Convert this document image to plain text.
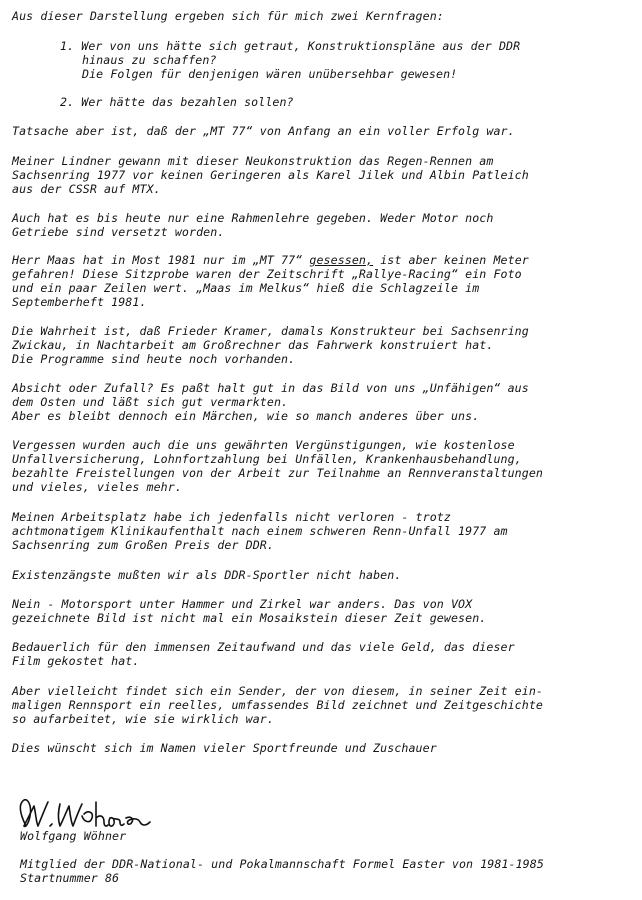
Aus dieser Darstellung ergeben sich für mich zwei Kernfragen:
1. Wer von uns hätte sich getraut, Konstruktionspläne aus der DDR
hinaus zu schaffen?
Die Folgen für denjenigen wären unübersehbar gewesen!
2. Wer hätte das bezahlen sollen?
Tatsache aber ist, daß der „MT 77“ von Anfang an ein voller Erfolg war.
Meiner Lindner gewann mit dieser Neukonstruktion das Regen-Rennen am
Sachsenring 1977 vor keinen Geringeren als Karel Jilek und Albin Patleich
aus der CSSR auf MTX.
Auch hat es bis heute nur eine Rahmenlehre gegeben. Weder Motor noch
Getriebe sind versetzt worden.
Herr Maas hat in Most 1981 nur im „MT 77“ gesessen, ist aber keinen Meter
gefahren! Diese Sitzprobe waren der Zeitschrift „Rallye-Racing“ ein Foto
und ein paar Zeilen wert. „Maas im Melkus“ hieß die Schlagzeile im
Septemberheft 1981.
Die Wahrheit ist, daß Frieder Kramer, damals Konstrukteur bei Sachsenring
Zwickau, in Nachtarbeit am Großrechner das Fahrwerk konstruiert hat.
Die Programme sind heute noch vorhanden.
Absicht oder Zufall? Es paßt halt gut in das Bild von uns „Unfähigen“ aus
dem Osten und läßt sich gut vermarkten.
Aber es bleibt dennoch ein Märchen, wie so manch anderes über uns.
Vergessen wurden auch die uns gewährten Vergünstigungen, wie kostenlose
Unfallversicherung, Lohnfortzahlung bei Unfällen, Krankenhausbehandlung,
bezahlte Freistellungen von der Arbeit zur Teilnahme an Rennveranstaltungen
und vieles, vieles mehr.
Meinen Arbeitsplatz habe ich jedenfalls nicht verloren - trotz
achtmonatigem Klinikaufenthalt nach einem schweren Renn-Unfall 1977 am
Sachsenring zum Großen Preis der DDR.
Existenzängste mußten wir als DDR-Sportler nicht haben.
Nein - Motorsport unter Hammer und Zirkel war anders. Das von VOX
gezeichnete Bild ist nicht mal ein Mosaikstein dieser Zeit gewesen.
Bedauerlich für den immensen Zeitaufwand und das viele Geld, das dieser
Film gekostet hat.
Aber vielleicht findet sich ein Sender, der von diesem, in seiner Zeit ein-
maligen Rennsport ein reelles, umfassendes Bild zeichnet und Zeitgeschichte
so aufarbeitet, wie sie wirklich war.
Dies wünscht sich im Namen vieler Sportfreunde und Zuschauer
Wolfgang Wöhner
Mitglied der DDR-National- und Pokalmannschaft Formel Easter von 1981-1985
Startnummer 86
